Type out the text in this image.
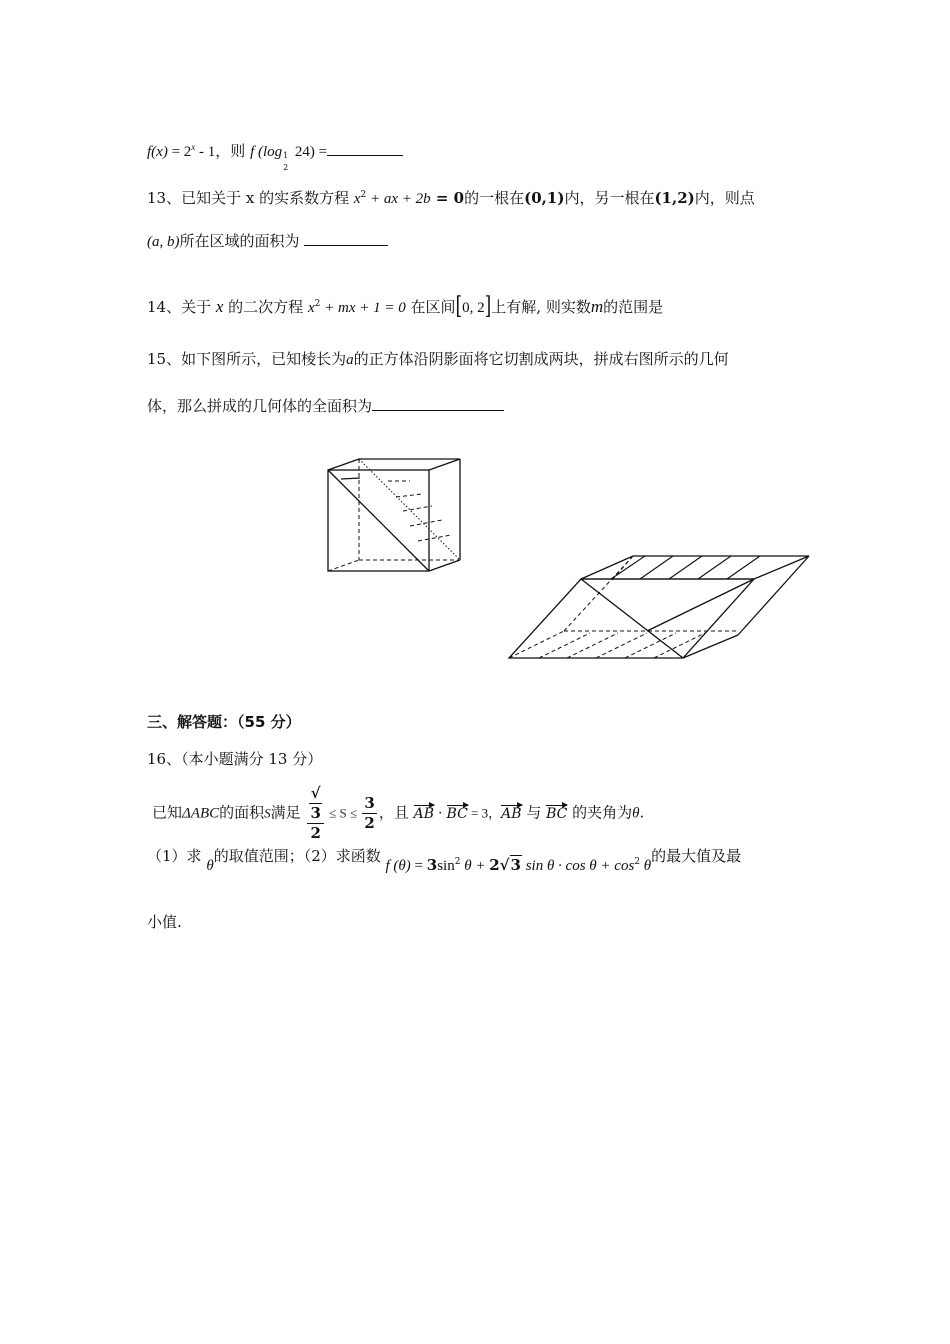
$f(x) = 2^x - 1$，则 f (log 1
2
24) =
13、已知关于 x 的实系数方程 $x^2$ + ax + 2b = 0的一根在(0,1)内，另一根在(1,2)内，则点
(a, b)所在区域的面积为
14、关于 x 的二次方程 $x^2$ + mx + 1 = 0 在区间[0, 2]上有解, 则实数m的范围是
15、如下图所示，已知棱长为a的正方体沿阴影面将它切割成两块，拼成右图所示的几何
体，那么拼成的几何体的全面积为
三、解答题：（55 分）
16、（本小题满分 13 分）
已知ΔABC的面积S满足 √
3
$2 \le S \le \frac{3}{2}$ ，且 AB · BC = 3，AB 与 BC 的夹角为θ.
（1）求 θ的取值范围；（2）求函数 f $(\theta) = 3\sin^2$ θ + 2√3 $\sin \theta \cdot \cos \theta + \cos^2 \theta$的最大值及最
小值.
